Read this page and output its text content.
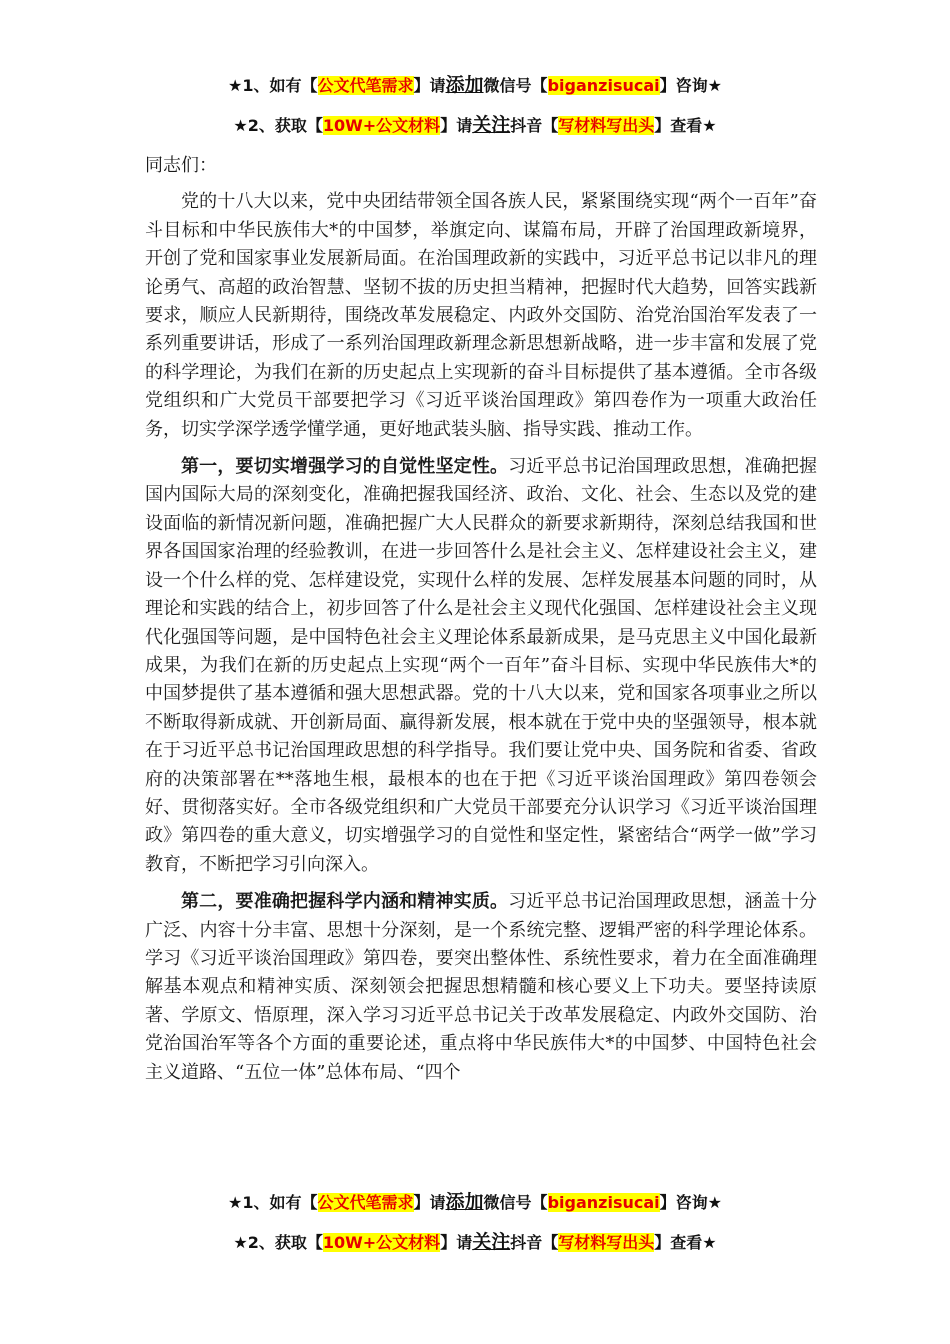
★1、如有【公文代笔需求】请添加微信号【biganzisucai】咨询★
★2、获取【10W+公文材料】请关注抖音【写材料写出头】查看★

同志们：

党的十八大以来，党中央团结带领全国各族人民，紧紧围绕实现“两个一百年”奋斗目标和中华民族伟大*的中国梦，举旗定向、谋篇布局，开辟了治国理政新境界，开创了党和国家事业发展新局面。在治国理政新的实践中，习近平总书记以非凡的理论勇气、高超的政治智慧、坚韧不拔的历史担当精神，把握时代大趋势，回答实践新要求，顺应人民新期待，围绕改革发展稳定、内政外交国防、治党治国治军发表了一系列重要讲话，形成了一系列治国理政新理念新思想新战略，进一步丰富和发展了党的科学理论，为我们在新的历史起点上实现新的奋斗目标提供了基本遵循。全市各级党组织和广大党员干部要把学习《习近平谈治国理政》第四卷作为一项重大政治任务，切实学深学透学懂学通，更好地武装头脑、指导实践、推动工作。

第一，要切实增强学习的自觉性坚定性。习近平总书记治国理政思想，准确把握国内国际大局的深刻变化，准确把握我国经济、政治、文化、社会、生态以及党的建设面临的新情况新问题，准确把握广大人民群众的新要求新期待，深刻总结我国和世界各国国家治理的经验教训，在进一步回答什么是社会主义、怎样建设社会主义，建设一个什么样的党、怎样建设党，实现什么样的发展、怎样发展基本问题的同时，从理论和实践的结合上，初步回答了什么是社会主义现代化强国、怎样建设社会主义现代化强国等问题，是中国特色社会主义理论体系最新成果，是马克思主义中国化最新成果，为我们在新的历史起点上实现“两个一百年”奋斗目标、实现中华民族伟大*的中国梦提供了基本遵循和强大思想武器。党的十八大以来，党和国家各项事业之所以不断取得新成就、开创新局面、赢得新发展，根本就在于党中央的坚强领导，根本就在于习近平总书记治国理政思想的科学指导。我们要让党中央、国务院和省委、省政府的决策部署在**落地生根，最根本的也在于把《习近平谈治国理政》第四卷领会好、贯彻落实好。全市各级党组织和广大党员干部要充分认识学习《习近平谈治国理政》第四卷的重大意义，切实增强学习的自觉性和坚定性，紧密结合“两学一做”学习教育，不断把学习引向深入。

第二，要准确把握科学内涵和精神实质。习近平总书记治国理政思想，涵盖十分广泛、内容十分丰富、思想十分深刻，是一个系统完整、逻辑严密的科学理论体系。学习《习近平谈治国理政》第四卷，要突出整体性、系统性要求，着力在全面准确理解基本观点和精神实质、深刻领会把握思想精髓和核心要义上下功夫。要坚持读原著、学原文、悟原理，深入学习习近平总书记关于改革发展稳定、内政外交国防、治党治国治军等各个方面的重要论述，重点将中华民族伟大*的中国梦、中国特色社会主义道路、“五位一体”总体布局、“四个

★1、如有【公文代笔需求】请添加微信号【biganzisucai】咨询★
★2、获取【10W+公文材料】请关注抖音【写材料写出头】查看★
